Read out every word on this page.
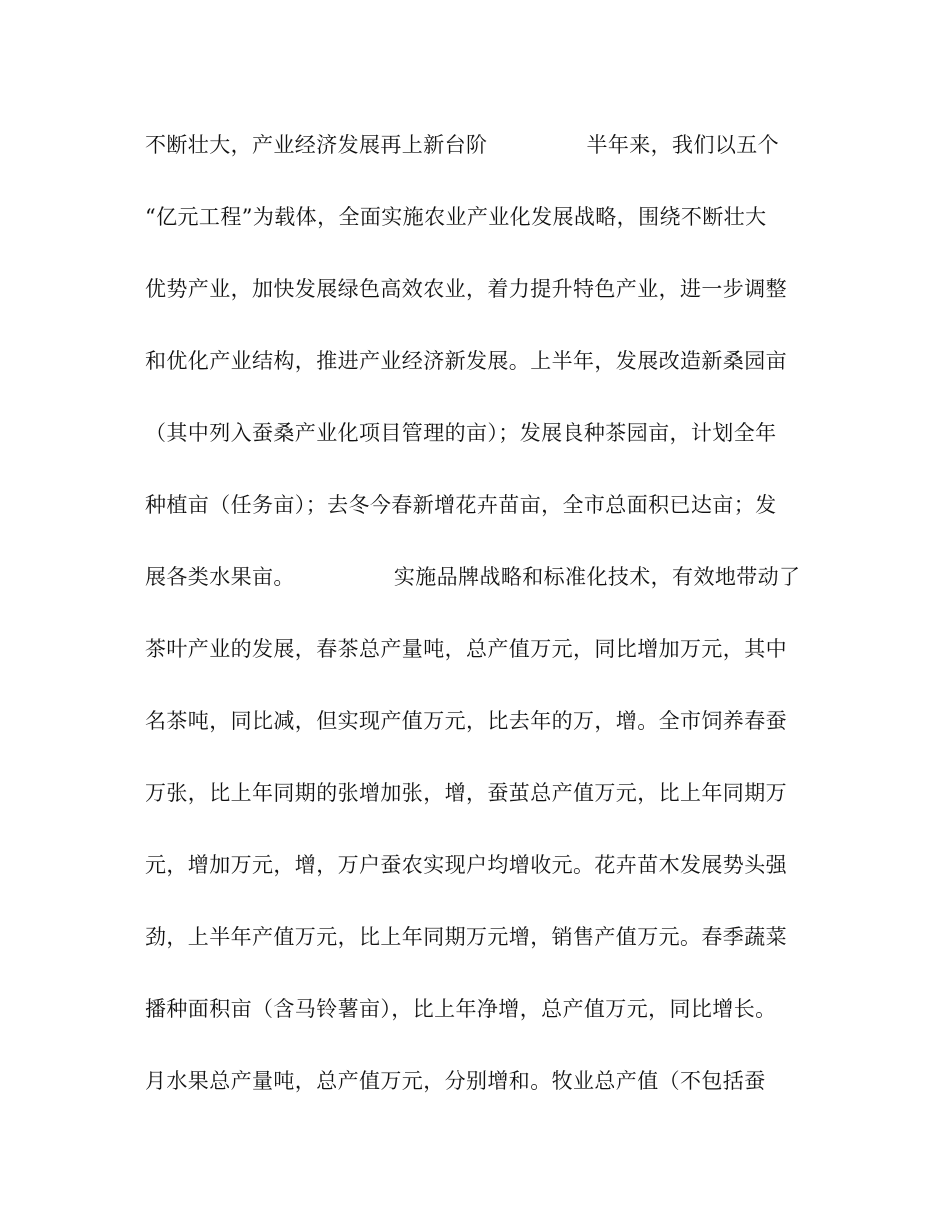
不断壮大，产业经济发展再上新台阶              半年来，我们以五个
“亿元工程”为载体，全面实施农业产业化发展战略，围绕不断壮大
优势产业，加快发展绿色高效农业，着力提升特色产业，进一步调整
和优化产业结构，推进产业经济新发展。上半年，发展改造新桑园亩
（其中列入蚕桑产业化项目管理的亩）；发展良种茶园亩，计划全年
种植亩（任务亩）；去冬今春新增花卉苗亩，全市总面积已达亩；发
展各类水果亩。              实施品牌战略和标准化技术，有效地带动了
茶叶产业的发展，春茶总产量吨，总产值万元，同比增加万元，其中
名茶吨，同比减，但实现产值万元，比去年的万，增。全市饲养春蚕
万张，比上年同期的张增加张，增，蚕茧总产值万元，比上年同期万
元，增加万元，增，万户蚕农实现户均增收元。花卉苗木发展势头强
劲，上半年产值万元，比上年同期万元增，销售产值万元。春季蔬菜
播种面积亩（含马铃薯亩），比上年净增，总产值万元，同比增长。
月水果总产量吨，总产值万元，分别增和。牧业总产值（不包括蚕
